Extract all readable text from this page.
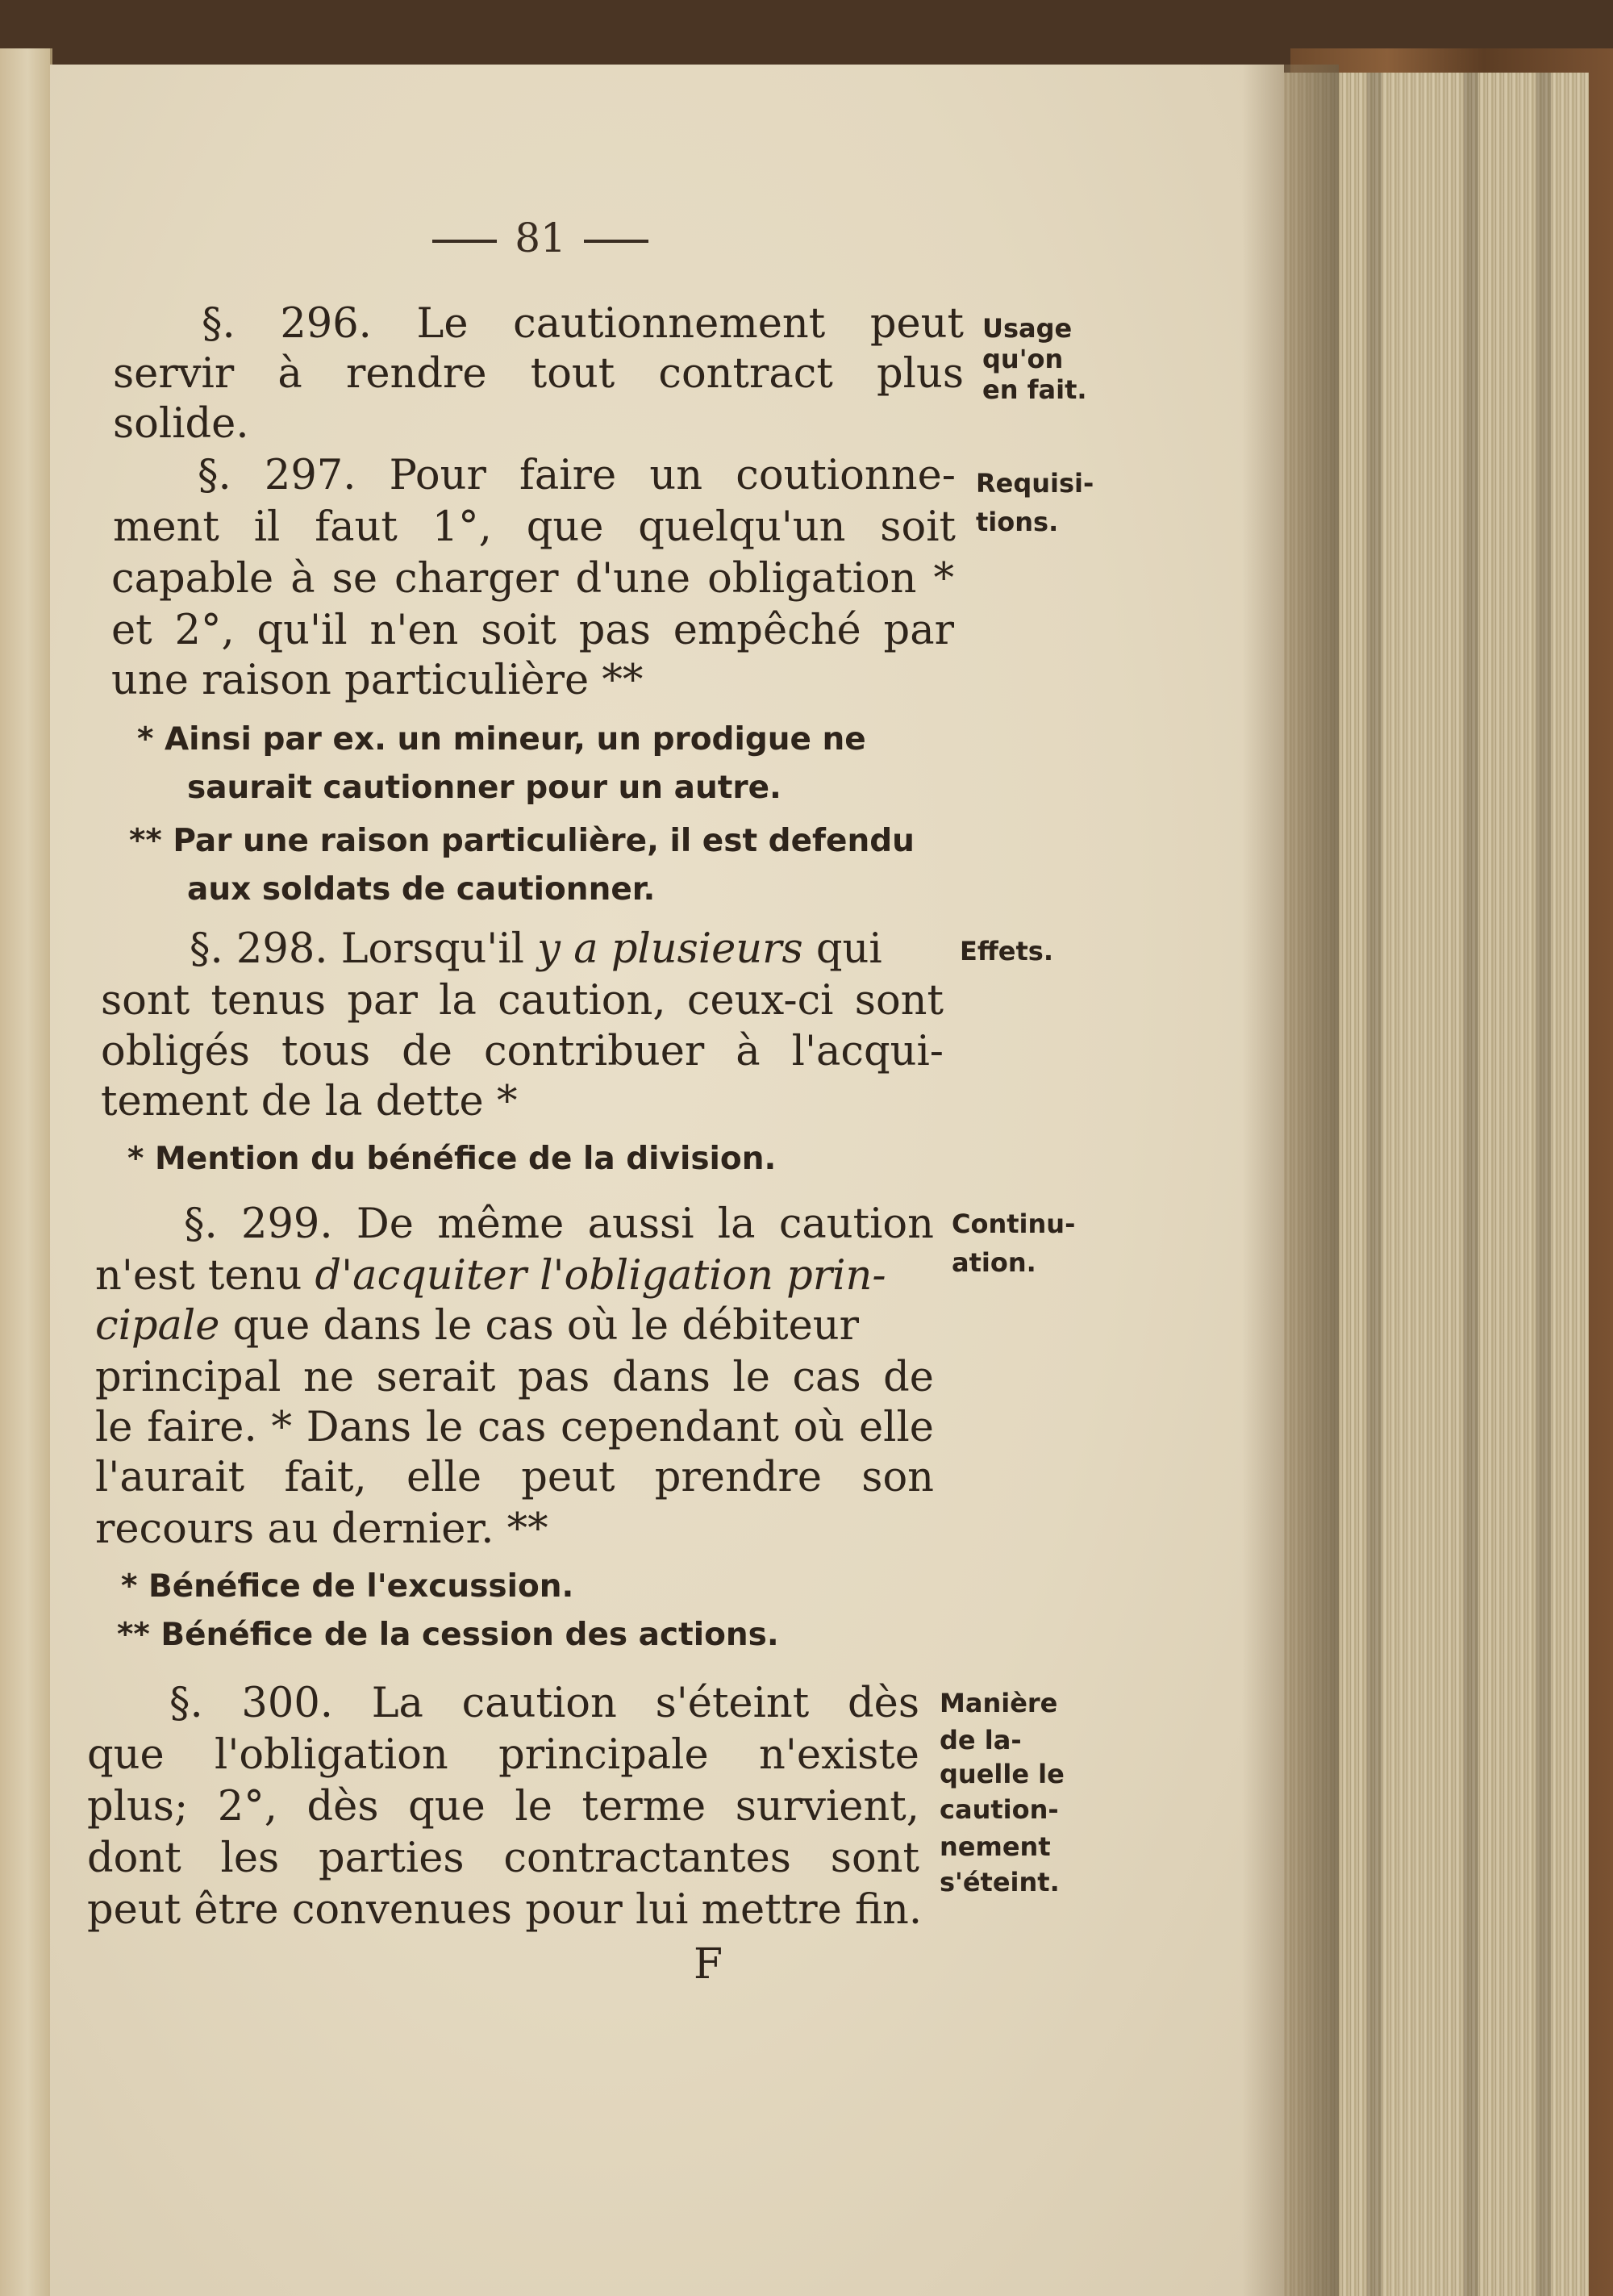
81
§. 296. Le cautionnement peut
servir à rendre tout contract plus
solide.
§. 297. Pour faire un coutionne-
ment il faut 1°, que quelqu'un soit
capable à se charger d'une obligation *
et 2°, qu'il n'en soit pas empêché par
une raison particulière **
* Ainsi par ex. un mineur, un prodigue ne
saurait cautionner pour un autre.
** Par une raison particulière, il est defendu
aux soldats de cautionner.
§. 298. Lorsqu'il y a plusieurs qui
sont tenus par la caution, ceux-ci sont
obligés tous de contribuer à l'acqui-
tement de la dette *
* Mention du bénéfice de la division.
§. 299. De même aussi la caution
n'est tenu d'acquiter l'obligation prin-
cipale que dans le cas où le débiteur
principal ne serait pas dans le cas de
le faire. * Dans le cas cependant où elle
l'aurait fait, elle peut prendre son
recours au dernier. **
* Bénéfice de l'excussion.
** Bénéfice de la cession des actions.
§. 300. La caution s'éteint dès
que l'obligation principale n'existe
plus; 2°, dès que le terme survient,
dont les parties contractantes sont
peut être convenues pour lui mettre fin.
F
Usage
qu'on
en fait.
Requisi-
tions.
Effets.
Continu-
ation.
Manière
de la-
quelle le
caution-
nement
s'éteint.
